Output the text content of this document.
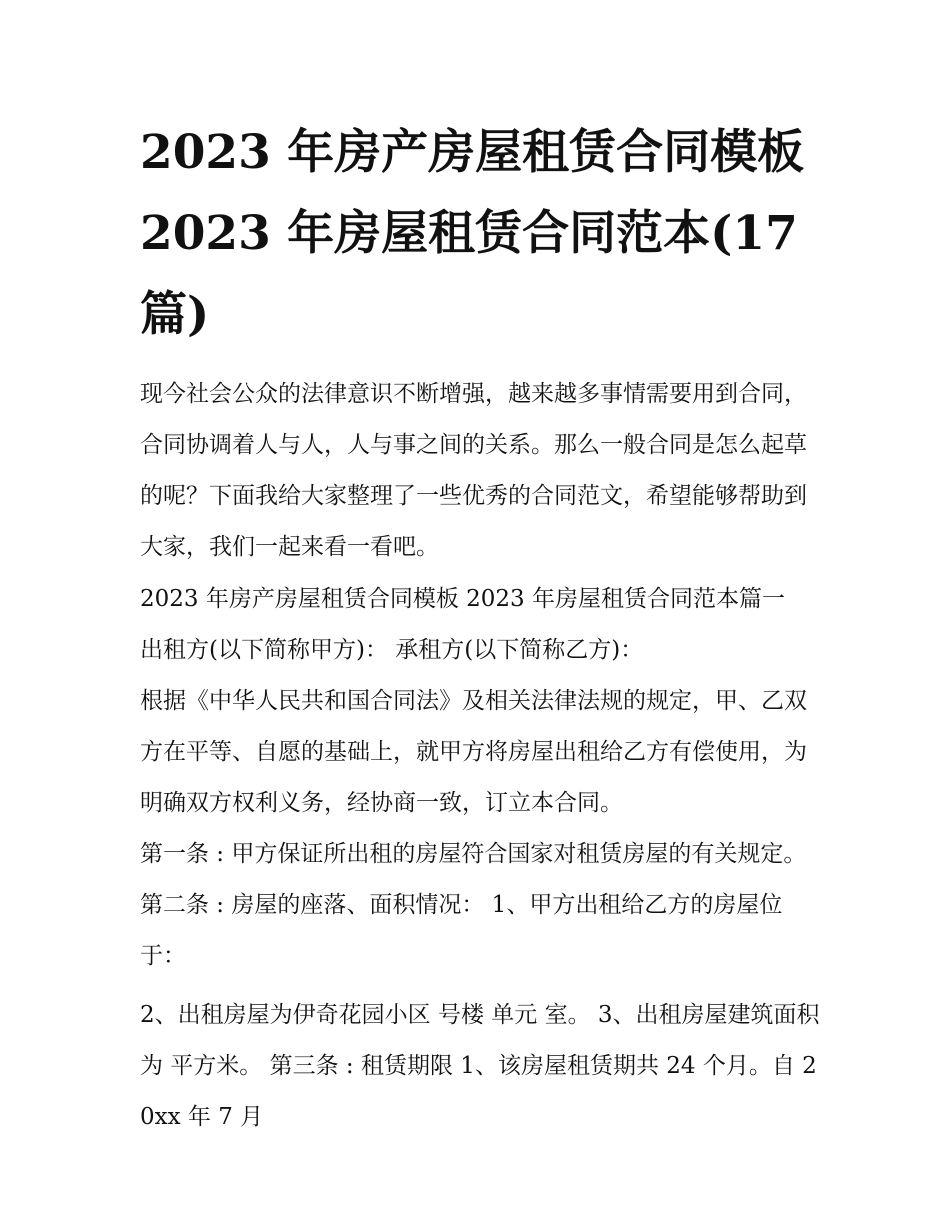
2023 年房产房屋租赁合同模板 2023 年房屋租赁合同范本(17 篇)

现今社会公众的法律意识不断增强，越来越多事情需要用到合同，合同协调着人与人，人与事之间的关系。那么一般合同是怎么起草的呢？下面我给大家整理了一些优秀的合同范文，希望能够帮助到大家，我们一起来看一看吧。

2023 年房产房屋租赁合同模板 2023 年房屋租赁合同范本篇一

出租方(以下简称甲方)： 承租方(以下简称乙方)：

根据《中华人民共和国合同法》及相关法律法规的规定，甲、乙双方在平等、自愿的基础上，就甲方将房屋出租给乙方有偿使用，为明确双方权利义务，经协商一致，订立本合同。

第一条 : 甲方保证所出租的房屋符合国家对租赁房屋的有关规定。 第二条 : 房屋的座落、面积情况： 1、甲方出租给乙方的房屋位于：

2、出租房屋为伊奇花园小区 号楼 单元 室。 3、出租房屋建筑面积为 平方米。 第三条 : 租赁期限 1、该房屋租赁期共 24 个月。自 20xx 年 7 月
